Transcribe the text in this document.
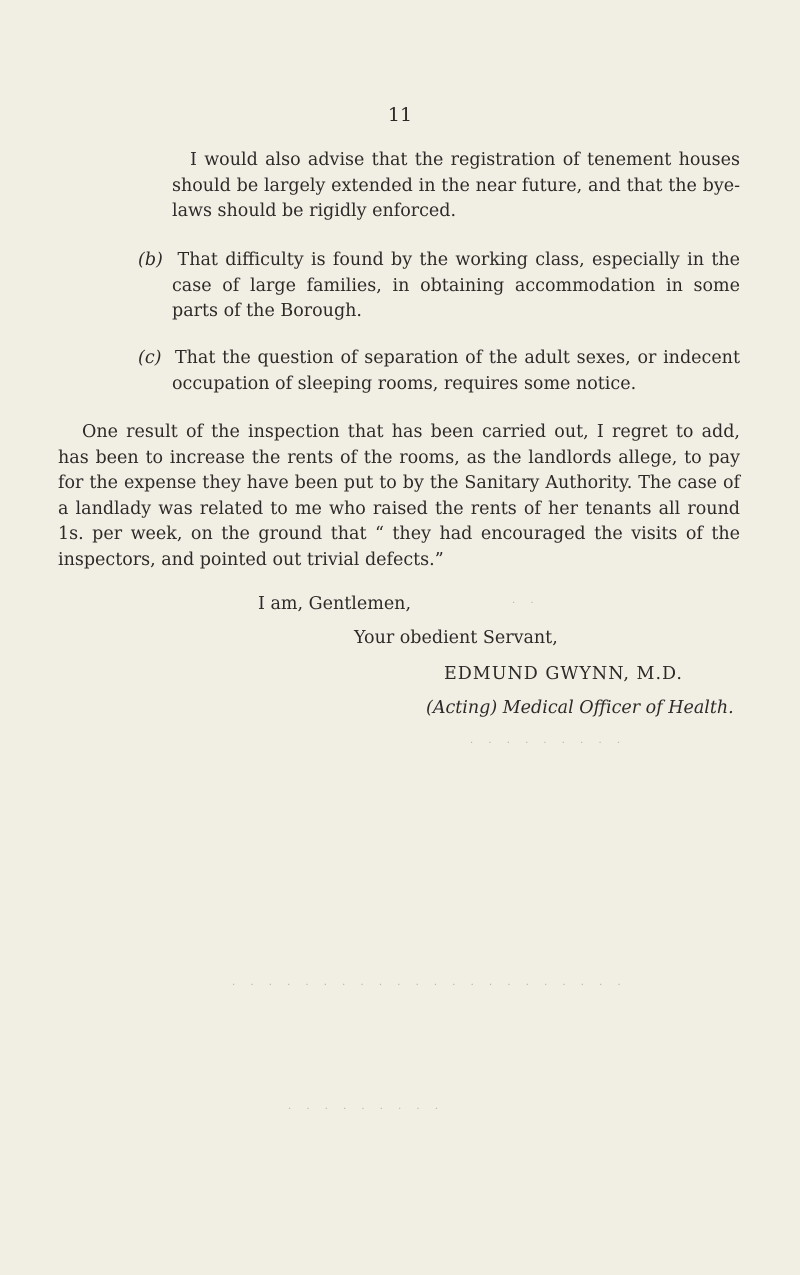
11
I would also advise that the registration of tenement houses should be largely extended in the near future, and that the bye-laws should be rigidly enforced.
(b) That difficulty is found by the working class, especially in the case of large families, in obtaining accommodation in some parts of the Borough.
(c) That the question of separation of the adult sexes, or indecent occupation of sleeping rooms, requires some notice.
One result of the inspection that has been carried out, I regret to add, has been to increase the rents of the rooms, as the landlords allege, to pay for the expense they have been put to by the Sanitary Authority. The case of a landlady was related to me who raised the rents of her tenants all round 1s. per week, on the ground that “ they had encouraged the visits of the inspectors, and pointed out trivial defects.”
I am, Gentlemen,
Your obedient Servant,
EDMUND GWYNN, M.D.
(Acting) Medical Officer of Health.
· ·
· · · · · · · · ·
· · · · · · · · · · · · · · · · · · · · · ·
· · · · · · · · ·
